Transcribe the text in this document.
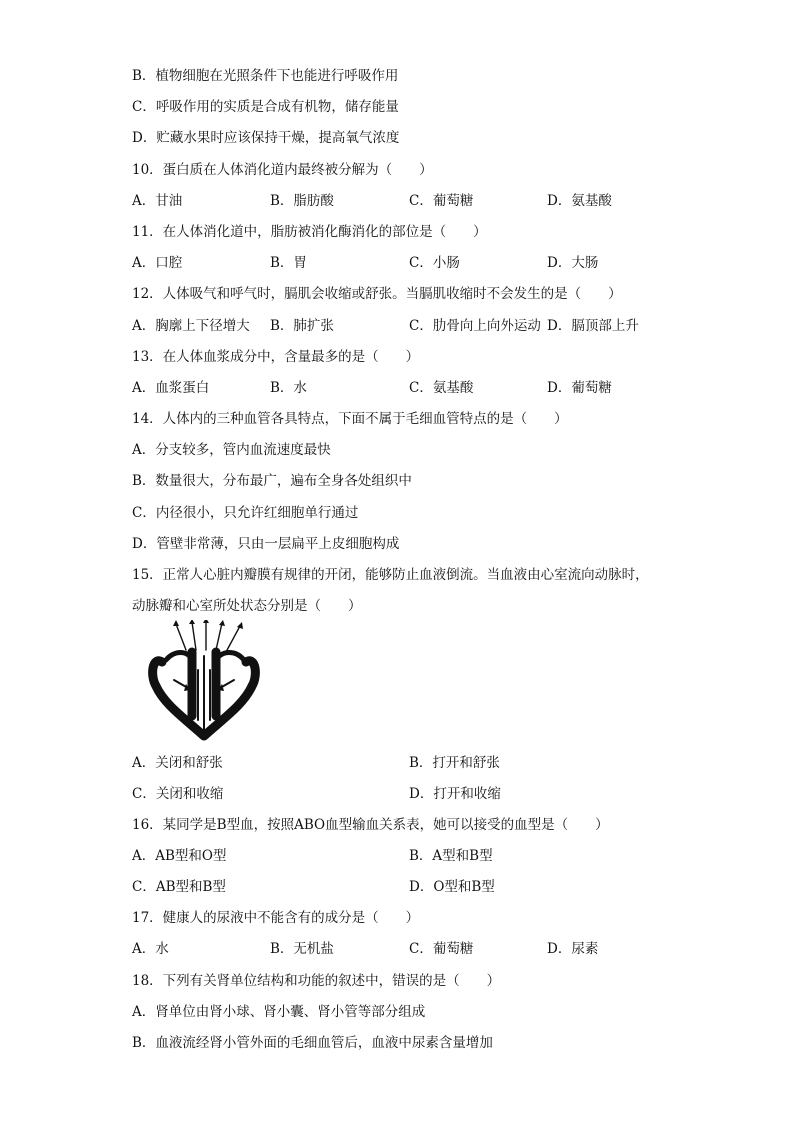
B．植物细胞在光照条件下也能进行呼吸作用
C．呼吸作用的实质是合成有机物，储存能量
D．贮藏水果时应该保持干燥，提高氧气浓度
10．蛋白质在人体消化道内最终被分解为（　　）
A．甘油	B．脂肪酸	C．葡萄糖	D．氨基酸
11．在人体消化道中，脂肪被消化酶消化的部位是（　　）
A．口腔	B．胃	C．小肠	D．大肠
12．人体吸气和呼气时，膈肌会收缩或舒张。当膈肌收缩时不会发生的是（　　）
A．胸廓上下径增大 B．肺扩张	C．肋骨向上向外运动 D．膈顶部上升
13．在人体血浆成分中，含量最多的是（　　）
A．血浆蛋白	B．水	C．氨基酸	D．葡萄糖
14．人体内的三种血管各具特点，下面不属于毛细血管特点的是（　　）
A．分支较多，管内血流速度最快
B．数量很大，分布最广，遍布全身各处组织中
C．内径很小，只允许红细胞单行通过
D．管壁非常薄，只由一层扁平上皮细胞构成
15．正常人心脏内瓣膜有规律的开闭，能够防止血液倒流。当血液由心室流向动脉时，
动脉瓣和心室所处状态分别是（　　）
A．关闭和舒张	B．打开和舒张
C．关闭和收缩	D．打开和收缩
16．某同学是B型血，按照ABO血型输血关系表，她可以接受的血型是（　　）
A．AB型和O型	B．A型和B型
C．AB型和B型	D．O型和B型
17．健康人的尿液中不能含有的成分是（　　）
A．水	B．无机盐	C．葡萄糖	D．尿素
18．下列有关肾单位结构和功能的叙述中，错误的是（　　）
A．肾单位由肾小球、肾小囊、肾小管等部分组成
B．血液流经肾小管外面的毛细血管后，血液中尿素含量增加
